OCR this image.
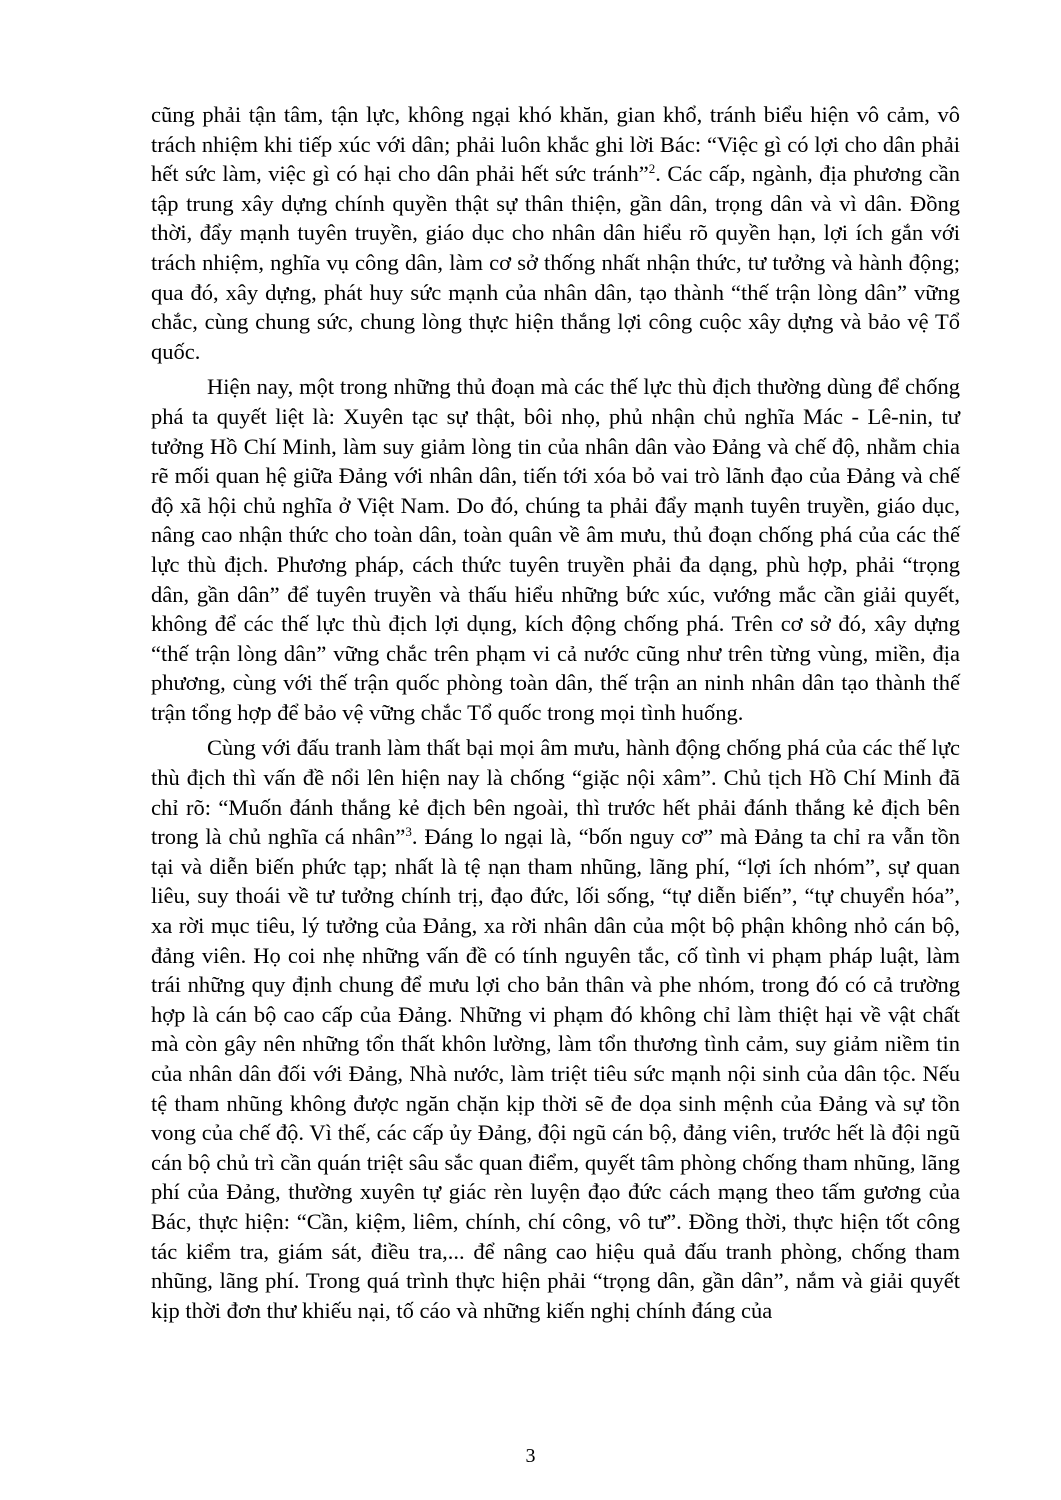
cũng phải tận tâm, tận lực, không ngại khó khăn, gian khổ, tránh biểu hiện vô cảm, vô trách nhiệm khi tiếp xúc với dân; phải luôn khắc ghi lời Bác: “Việc gì có lợi cho dân phải hết sức làm, việc gì có hại cho dân phải hết sức tránh”$^2$. Các cấp, ngành, địa phương cần tập trung xây dựng chính quyền thật sự thân thiện, gần dân, trọng dân và vì dân. Đồng thời, đẩy mạnh tuyên truyền, giáo dục cho nhân dân hiểu rõ quyền hạn, lợi ích gắn với trách nhiệm, nghĩa vụ công dân, làm cơ sở thống nhất nhận thức, tư tưởng và hành động; qua đó, xây dựng, phát huy sức mạnh của nhân dân, tạo thành “thế trận lòng dân” vững chắc, cùng chung sức, chung lòng thực hiện thắng lợi công cuộc xây dựng và bảo vệ Tổ quốc.

Hiện nay, một trong những thủ đoạn mà các thế lực thù địch thường dùng để chống phá ta quyết liệt là: Xuyên tạc sự thật, bôi nhọ, phủ nhận chủ nghĩa Mác - Lê-nin, tư tưởng Hồ Chí Minh, làm suy giảm lòng tin của nhân dân vào Đảng và chế độ, nhằm chia rẽ mối quan hệ giữa Đảng với nhân dân, tiến tới xóa bỏ vai trò lãnh đạo của Đảng và chế độ xã hội chủ nghĩa ở Việt Nam. Do đó, chúng ta phải đẩy mạnh tuyên truyền, giáo dục, nâng cao nhận thức cho toàn dân, toàn quân về âm mưu, thủ đoạn chống phá của các thế lực thù địch. Phương pháp, cách thức tuyên truyền phải đa dạng, phù hợp, phải “trọng dân, gần dân” để tuyên truyền và thấu hiểu những bức xúc, vướng mắc cần giải quyết, không để các thế lực thù địch lợi dụng, kích động chống phá. Trên cơ sở đó, xây dựng “thế trận lòng dân” vững chắc trên phạm vi cả nước cũng như trên từng vùng, miền, địa phương, cùng với thế trận quốc phòng toàn dân, thế trận an ninh nhân dân tạo thành thế trận tổng hợp để bảo vệ vững chắc Tổ quốc trong mọi tình huống.

Cùng với đấu tranh làm thất bại mọi âm mưu, hành động chống phá của các thế lực thù địch thì vấn đề nổi lên hiện nay là chống “giặc nội xâm”. Chủ tịch Hồ Chí Minh đã chỉ rõ: “Muốn đánh thắng kẻ địch bên ngoài, thì trước hết phải đánh thắng kẻ địch bên trong là chủ nghĩa cá nhân”$^3$. Đáng lo ngại là, “bốn nguy cơ” mà Đảng ta chỉ ra vẫn tồn tại và diễn biến phức tạp; nhất là tệ nạn tham nhũng, lãng phí, “lợi ích nhóm”, sự quan liêu, suy thoái về tư tưởng chính trị, đạo đức, lối sống, “tự diễn biến”, “tự chuyển hóa”, xa rời mục tiêu, lý tưởng của Đảng, xa rời nhân dân của một bộ phận không nhỏ cán bộ, đảng viên. Họ coi nhẹ những vấn đề có tính nguyên tắc, cố tình vi phạm pháp luật, làm trái những quy định chung để mưu lợi cho bản thân và phe nhóm, trong đó có cả trường hợp là cán bộ cao cấp của Đảng. Những vi phạm đó không chỉ làm thiệt hại về vật chất mà còn gây nên những tổn thất khôn lường, làm tổn thương tình cảm, suy giảm niềm tin của nhân dân đối với Đảng, Nhà nước, làm triệt tiêu sức mạnh nội sinh của dân tộc. Nếu tệ tham nhũng không được ngăn chặn kịp thời sẽ đe dọa sinh mệnh của Đảng và sự tồn vong của chế độ. Vì thế, các cấp ủy Đảng, đội ngũ cán bộ, đảng viên, trước hết là đội ngũ cán bộ chủ trì cần quán triệt sâu sắc quan điểm, quyết tâm phòng chống tham nhũng, lãng phí của Đảng, thường xuyên tự giác rèn luyện đạo đức cách mạng theo tấm gương của Bác, thực hiện: “Cần, kiệm, liêm, chính, chí công, vô tư”. Đồng thời, thực hiện tốt công tác kiểm tra, giám sát, điều tra,... để nâng cao hiệu quả đấu tranh phòng, chống tham nhũng, lãng phí. Trong quá trình thực hiện phải “trọng dân, gần dân”, nắm và giải quyết kịp thời đơn thư khiếu nại, tố cáo và những kiến nghị chính đáng của

3
